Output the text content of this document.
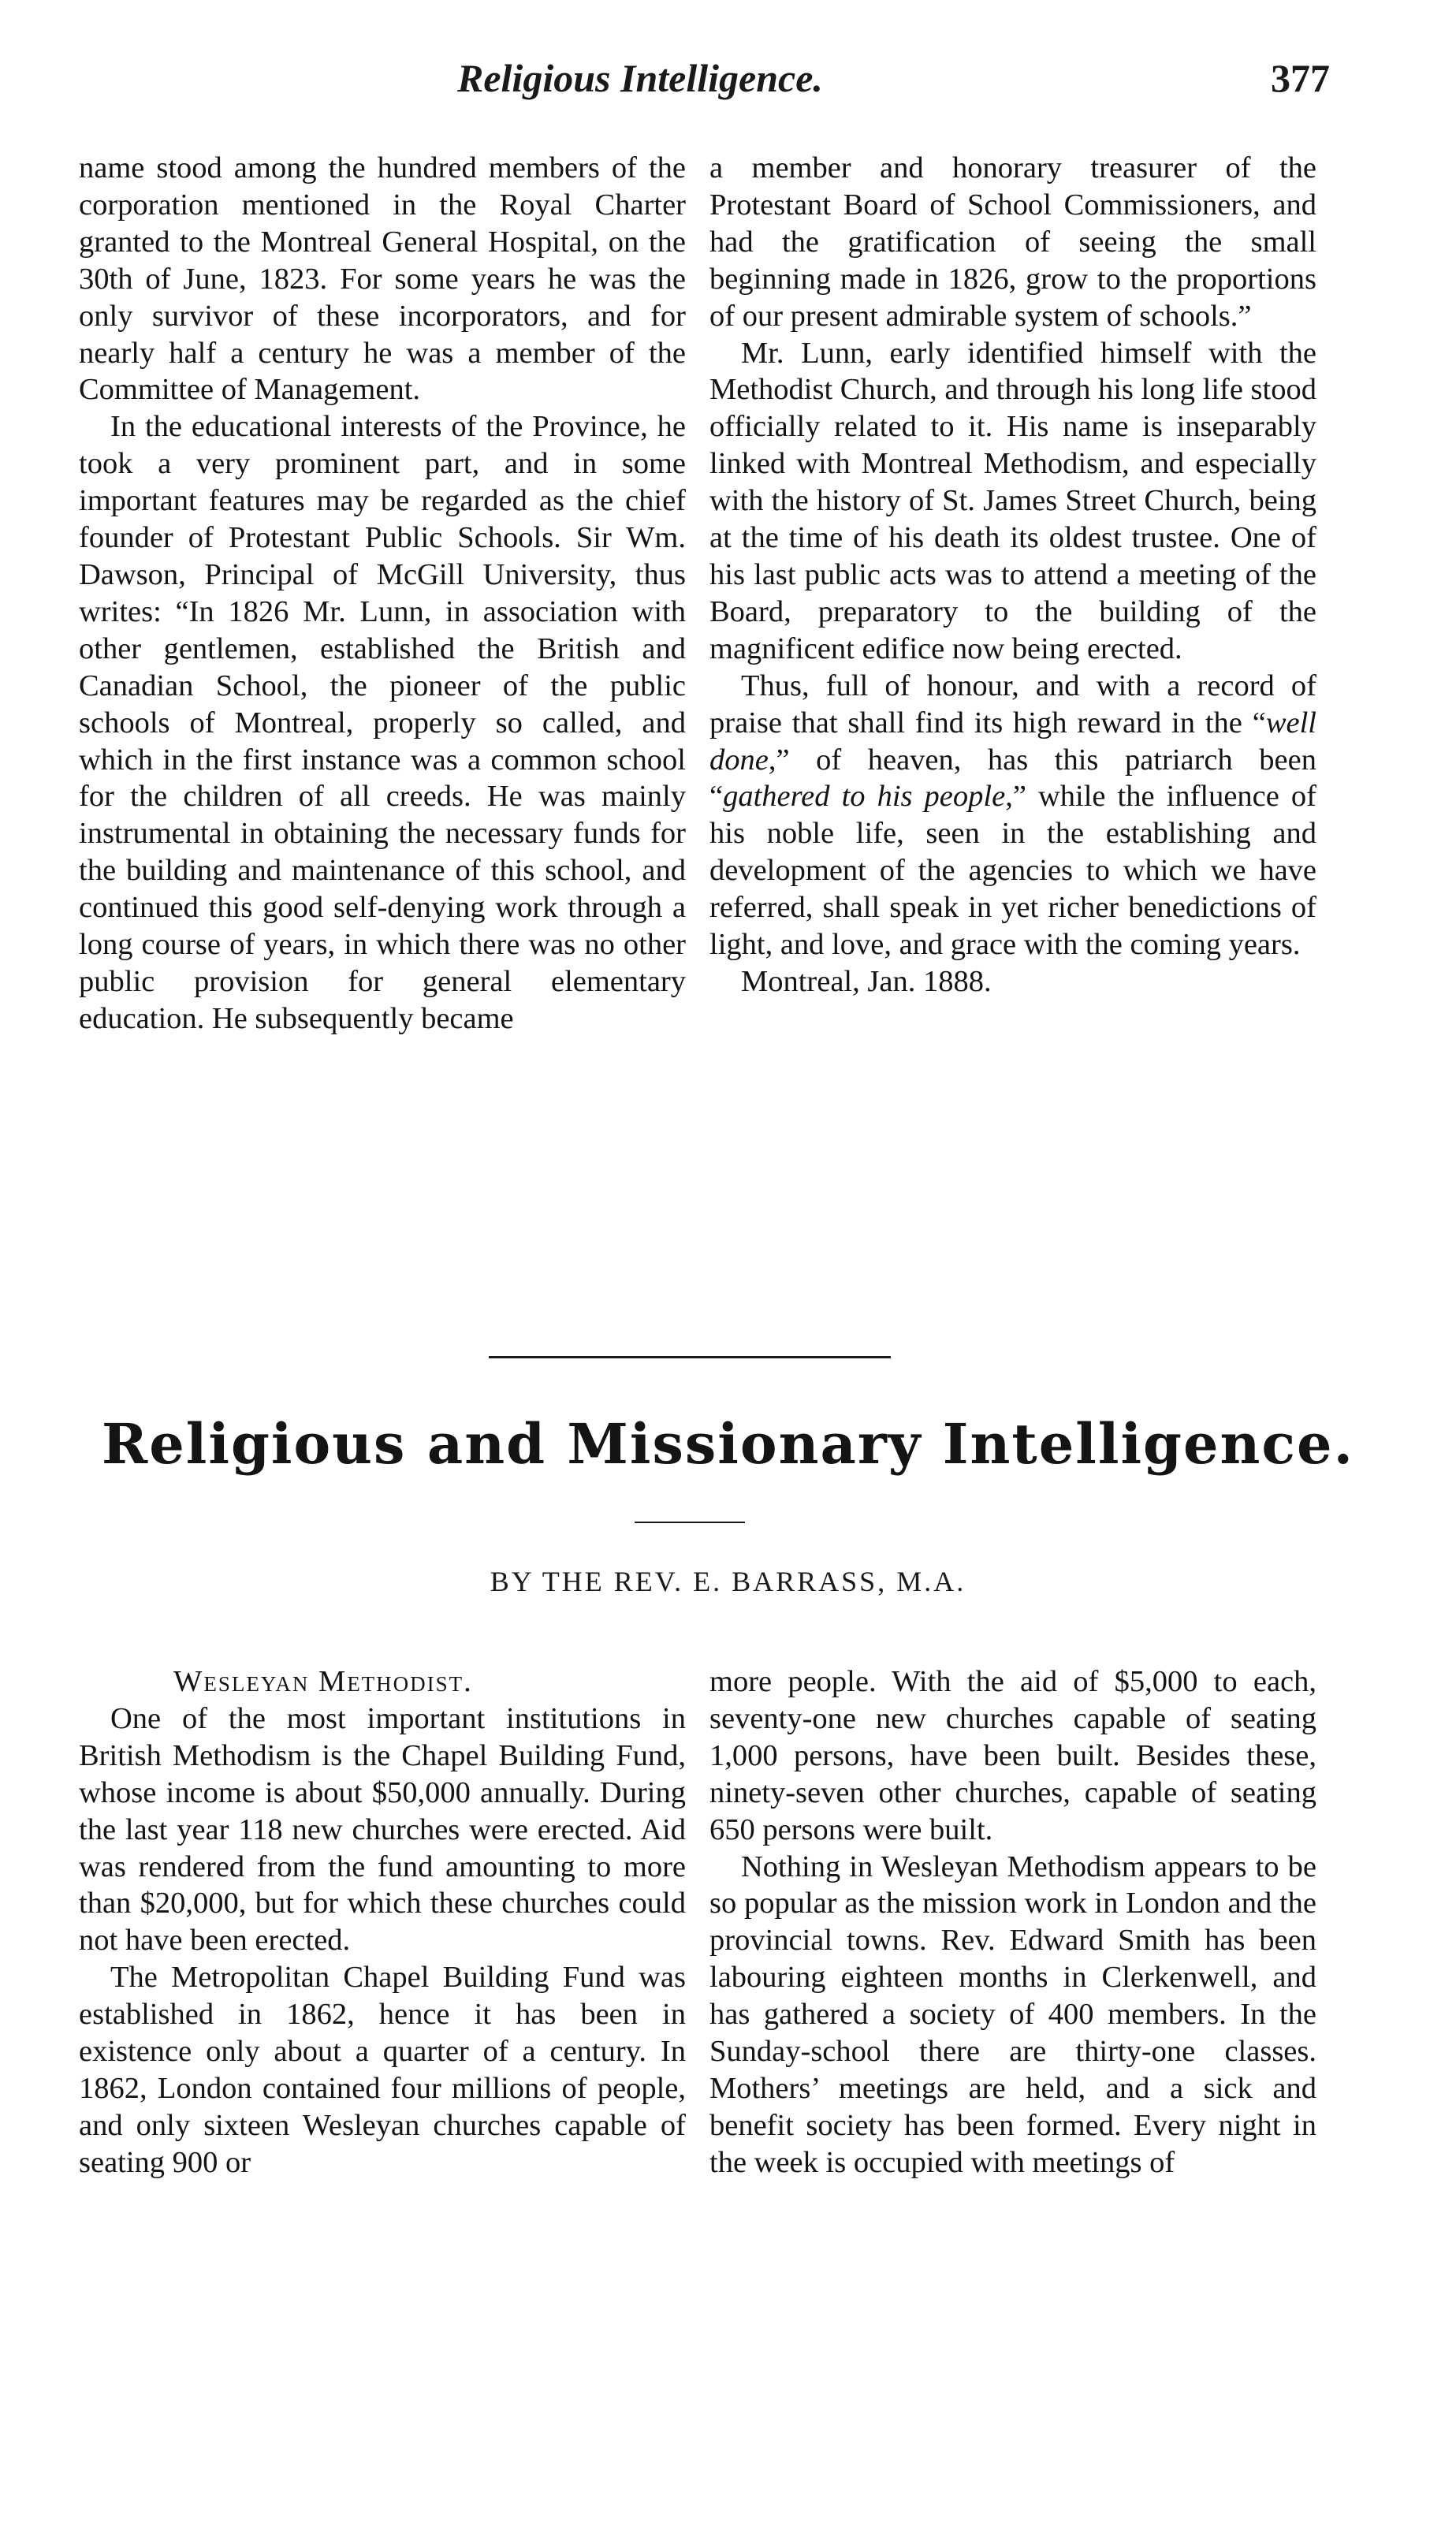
Religious Intelligence.	377

name stood among the hundred members of the corporation mentioned in the Royal Charter granted to the Montreal General Hospital, on the 30th of June, 1823. For some years he was the only survivor of these incorporators, and for nearly half a century he was a member of the Committee of Management.

In the educational interests of the Province, he took a very prominent part, and in some important features may be regarded as the chief founder of Protestant Public Schools. Sir Wm. Dawson, Principal of McGill University, thus writes: “In 1826 Mr. Lunn, in association with other gentlemen, established the British and Canadian School, the pioneer of the public schools of Montreal, properly so called, and which in the first instance was a common school for the children of all creeds. He was mainly instrumental in obtaining the necessary funds for the building and maintenance of this school, and continued this good self-denying work through a long course of years, in which there was no other public provision for general elementary education. He subsequently became

a member and honorary treasurer of the Protestant Board of School Commissioners, and had the gratification of seeing the small beginning made in 1826, grow to the proportions of our present admirable system of schools.”

Mr. Lunn, early identified himself with the Methodist Church, and through his long life stood officially related to it. His name is inseparably linked with Montreal Methodism, and especially with the history of St. James Street Church, being at the time of his death its oldest trustee. One of his last public acts was to attend a meeting of the Board, preparatory to the building of the magnificent edifice now being erected.

Thus, full of honour, and with a record of praise that shall find its high reward in the “well done,” of heaven, has this patriarch been “gathered to his people,” while the influence of his noble life, seen in the establishing and development of the agencies to which we have referred, shall speak in yet richer benedictions of light, and love, and grace with the coming years.

Montreal, Jan. 1888.

Religious and Missionary Intelligence.
BY THE REV. E. BARRASS, M.A.

Wesleyan Methodist.

One of the most important institutions in British Methodism is the Chapel Building Fund, whose income is about $50,000 annually. During the last year 118 new churches were erected. Aid was rendered from the fund amounting to more than $20,000, but for which these churches could not have been erected.

The Metropolitan Chapel Building Fund was established in 1862, hence it has been in existence only about a quarter of a century. In 1862, London contained four millions of people, and only sixteen Wesleyan churches capable of seating 900 or

more people. With the aid of $5,000 to each, seventy-one new churches capable of seating 1,000 persons, have been built. Besides these, ninety-seven other churches, capable of seating 650 persons were built.

Nothing in Wesleyan Methodism appears to be so popular as the mission work in London and the provincial towns. Rev. Edward Smith has been labouring eighteen months in Clerkenwell, and has gathered a society of 400 members. In the Sunday-school there are thirty-one classes. Mothers’ meetings are held, and a sick and benefit society has been formed. Every night in the week is occupied with meetings of
